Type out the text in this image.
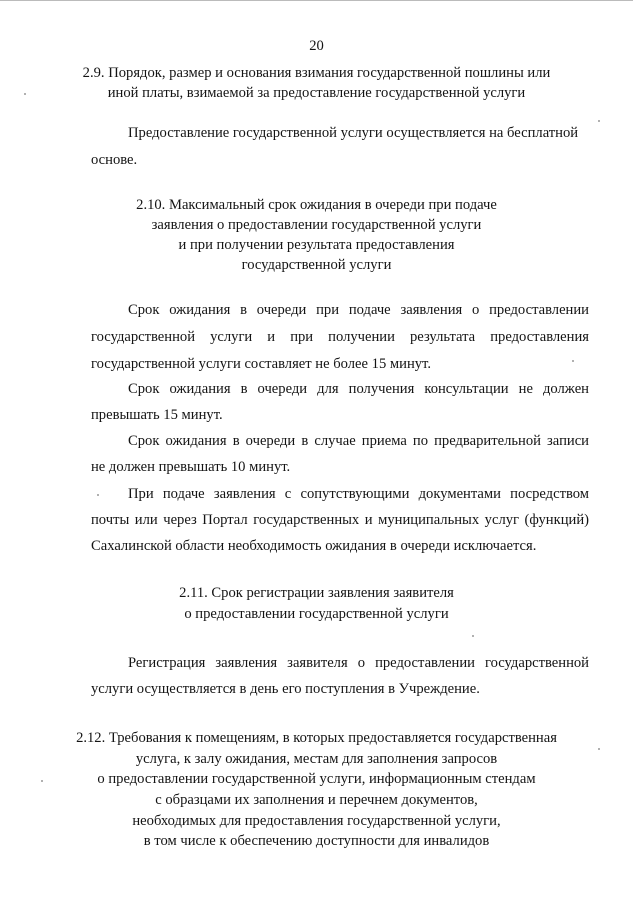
20
2.9. Порядок, размер и основания взимания государственной пошлины или
иной платы, взимаемой за предоставление государственной услуги
Предоставление государственной услуги осуществляется на бесплатной
основе.
2.10. Максимальный срок ожидания в очереди при подаче
заявления о предоставлении государственной услуги
и при получении результата предоставления
государственной услуги
Срок ожидания в очереди при подаче заявления о предоставлении
государственной услуги и при получении результата предоставления
государственной услуги составляет не более 15 минут.
Срок ожидания в очереди для получения консультации не должен
превышать 15 минут.
Срок ожидания в очереди в случае приема по предварительной записи
не должен превышать 10 минут.
При подаче заявления с сопутствующими документами посредством
почты или через Портал государственных и муниципальных услуг (функций)
Сахалинской области необходимость ожидания в очереди исключается.
2.11. Срок регистрации заявления заявителя
о предоставлении государственной услуги
Регистрация заявления заявителя о предоставлении государственной
услуги осуществляется в день его поступления в Учреждение.
2.12. Требования к помещениям, в которых предоставляется государственная
услуга, к залу ожидания, местам для заполнения запросов
о предоставлении государственной услуги, информационным стендам
с образцами их заполнения и перечнем документов,
необходимых для предоставления государственной услуги,
в том числе к обеспечению доступности для инвалидов
